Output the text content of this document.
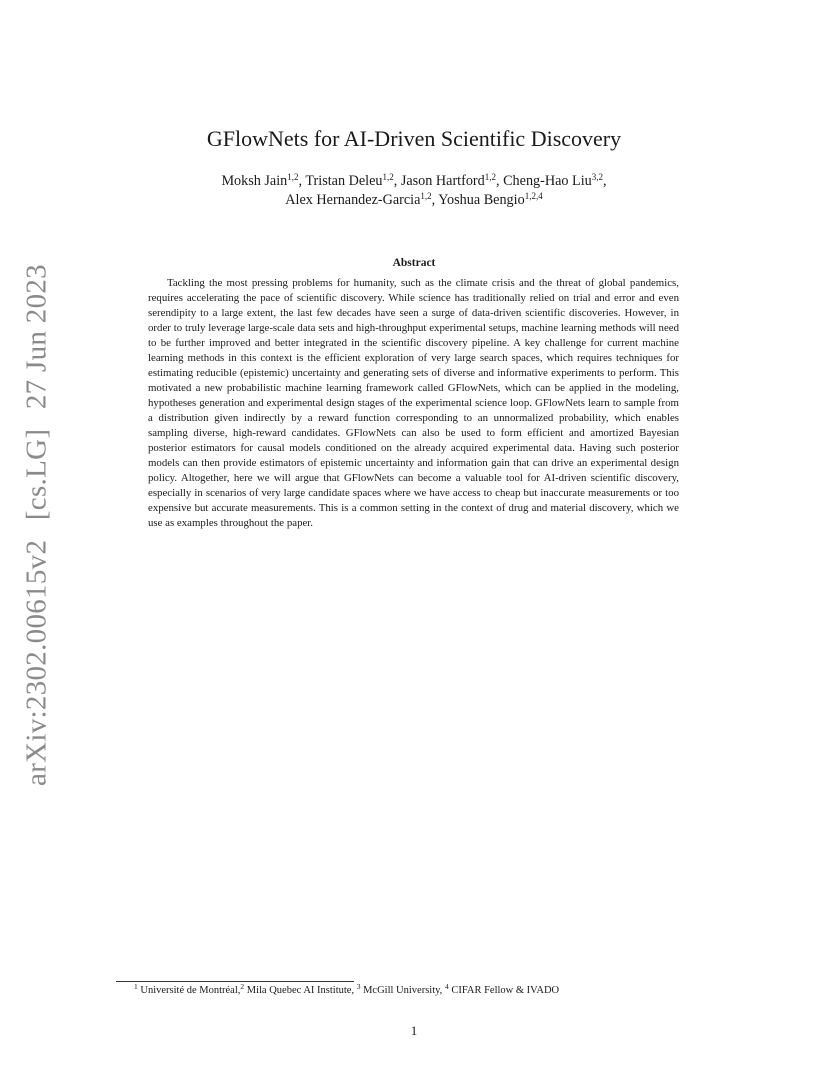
arXiv:2302.00615v2 [cs.LG] 27 Jun 2023
GFlowNets for AI-Driven Scientific Discovery
Moksh Jain$^{1,2}$, Tristan Deleu$^{1,2}$, Jason Hartford$^{1,2}$, Cheng-Hao Liu$^{3,2}$,
Alex Hernandez-Garcia$^{1,2}$, Yoshua Bengio$^{1,2,4}$
Abstract

Tackling the most pressing problems for humanity, such as the climate crisis and the threat of global pandemics, requires accelerating the pace of scientific discovery. While science has traditionally relied on trial and error and even serendipity to a large extent, the last few decades have seen a surge of data-driven scientific discoveries. However, in order to truly leverage large-scale data sets and high-throughput experimental setups, machine learning methods will need to be further improved and better integrated in the scientific discovery pipeline. A key challenge for current machine learning methods in this context is the efficient exploration of very large search spaces, which requires techniques for estimating reducible (epistemic) uncertainty and generating sets of diverse and informative experiments to perform. This motivated a new probabilistic machine learning framework called GFlowNets, which can be applied in the modeling, hypotheses generation and experimental design stages of the experimental science loop. GFlowNets learn to sample from a distribution given indirectly by a reward function corresponding to an unnormalized probability, which enables sampling diverse, high-reward candidates. GFlowNets can also be used to form efficient and amortized Bayesian posterior estimators for causal models conditioned on the already acquired experimental data. Having such posterior models can then provide estimators of epistemic uncertainty and information gain that can drive an experimental design policy. Altogether, here we will argue that GFlowNets can become a valuable tool for AI-driven scientific discovery, especially in scenarios of very large candidate spaces where we have access to cheap but inaccurate measurements or too expensive but accurate measurements. This is a common setting in the context of drug and material discovery, which we use as examples throughout the paper.

$^1$ Université de Montréal,$^2$ Mila Quebec AI Institute, $^3$ McGill University, $^4$ CIFAR Fellow & IVADO
1
